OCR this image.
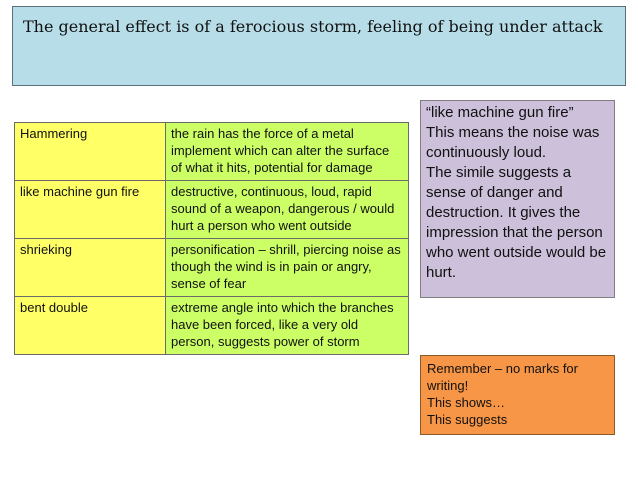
The general effect is of a ferocious storm, feeling of being under attack
Hammering	the rain has the force of a metal implement which can alter the surface of what it hits, potential for damage
like machine gun fire	destructive, continuous, loud, rapid sound of a weapon, dangerous / would hurt a person who went outside
shrieking	personification – shrill, piercing noise as though the wind is in pain or angry, sense of fear
bent double	extreme angle into which the branches have been forced, like a very old person, suggests power of storm

“like machine gun fire”

This means the noise was continuously loud.

The simile suggests a sense of danger and destruction. It gives the impression that the person who went outside would be hurt.

Remember – no marks for writing!

This shows…

This suggests
